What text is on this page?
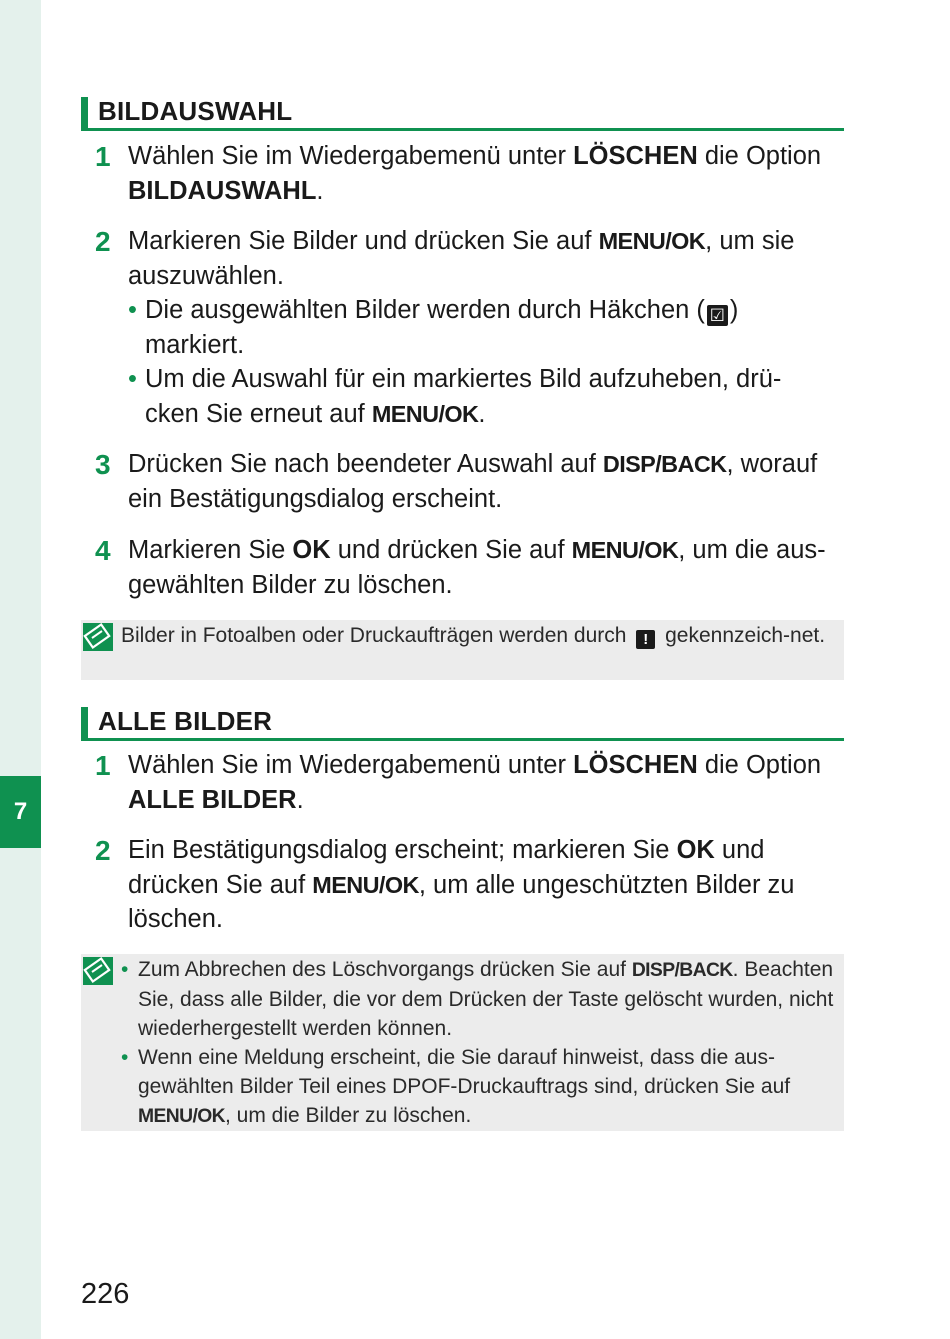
7
BILDAUSWAHL
1 Wählen Sie im Wiedergabemenü unter LÖSCHEN die Option
BILDAUSWAHL.
2 Markieren Sie Bilder und drücken Sie auf MENU/OK, um sie auszuwählen.
• Die ausgewählten Bilder werden durch Häkchen ( ☑ ) markiert.
• Um die Auswahl für ein markiertes Bild aufzuheben, drü-cken Sie erneut auf MENU/OK.
3 Drücken Sie nach beendeter Auswahl auf DISP/BACK, worauf ein Bestätigungsdialog erscheint.
4 Markieren Sie OK und drücken Sie auf MENU/OK, um die aus-gewählten Bilder zu löschen.
Bilder in Fotoalben oder Druckaufträgen werden durch ! gekennzeich-net.
ALLE BILDER
1 Wählen Sie im Wiedergabemenü unter LÖSCHEN die Option
ALLE BILDER.
2 Ein Bestätigungsdialog erscheint; markieren Sie OK und drücken Sie auf MENU/OK, um alle ungeschützten Bilder zu löschen.
• Zum Abbrechen des Löschvorgangs drücken Sie auf DISP/BACK. Beachten Sie, dass alle Bilder, die vor dem Drücken der Taste gelöscht wurden, nicht wiederhergestellt werden können.
• Wenn eine Meldung erscheint, die Sie darauf hinweist, dass die aus-gewählten Bilder Teil eines DPOF-Druckauftrags sind, drücken Sie auf MENU/OK, um die Bilder zu löschen.
226
